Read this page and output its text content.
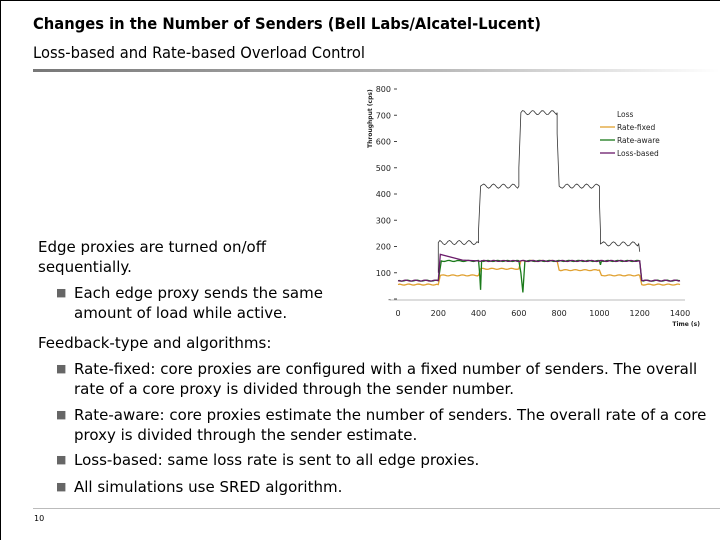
Changes in the Number of Senders (Bell Labs/Alcatel-Lucent)
Loss-based and Rate-based Overload Control
Edge proxies are turned on/off sequentially.
■ Each edge proxy sends the same amount of load while active.
Feedback-type and algorithms:
■ Rate-fixed: core proxies are configured with a fixed number of senders. The overall rate of a core proxy is divided through the sender number.
■ Rate-aware: core proxies estimate the number of senders. The overall rate of a core proxy is divided through the sender estimate.
■ Loss-based: same loss rate is sent to all edge proxies.
■ All simulations use SRED algorithm.
-
100
200
300
400
500
600
700
800
0	200	400	600	800	1000 1200 1400
Throughput (cps)
Time (s)
Loss
Rate-fixed
Rate-aware
Loss-based
10
